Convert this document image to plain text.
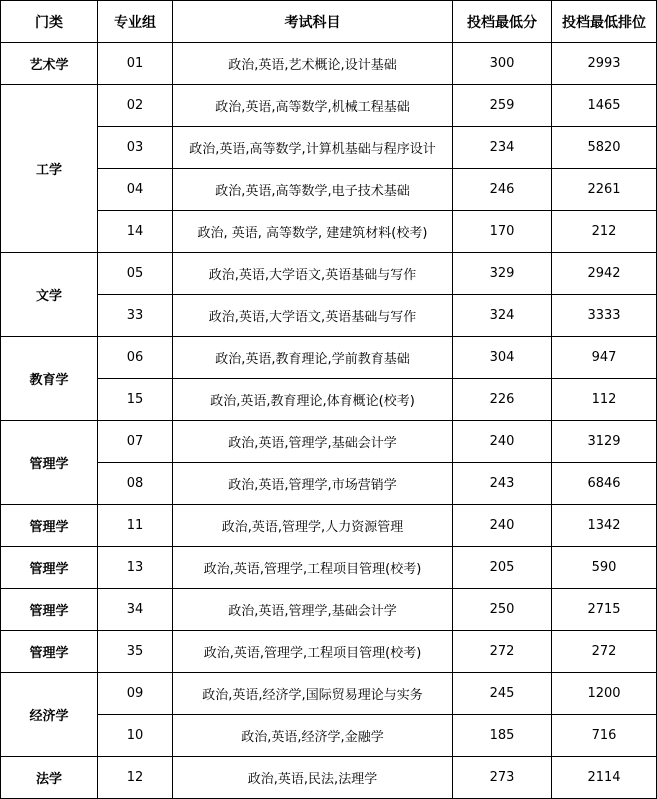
门类	专业组	考试科目	投档最低分	投档最低排位
艺术学	01	政治,英语,艺术概论,设计基础	300	2993
工学	02	政治,英语,高等数学,机械工程基础	259	1465
	03	政治,英语,高等数学,计算机基础与程序设计	234	5820
	04	政治,英语,高等数学,电子技术基础	246	2261
	14	政治, 英语, 高等数学, 建建筑材料(校考)	170	212
文学	05	政治,英语,大学语文,英语基础与写作	329	2942
	33	政治,英语,大学语文,英语基础与写作	324	3333
教育学	06	政治,英语,教育理论,学前教育基础	304	947
	15	政治,英语,教育理论,体育概论(校考)	226	112
管理学	07	政治,英语,管理学,基础会计学	240	3129
	08	政治,英语,管理学,市场营销学	243	6846
管理学	11	政治,英语,管理学,人力资源管理	240	1342
管理学	13	政治,英语,管理学,工程项目管理(校考)	205	590
管理学	34	政治,英语,管理学,基础会计学	250	2715
管理学	35	政治,英语,管理学,工程项目管理(校考)	272	272
经济学	09	政治,英语,经济学,国际贸易理论与实务	245	1200
	10	政治,英语,经济学,金融学	185	716
法学	12	政治,英语,民法,法理学	273	2114
